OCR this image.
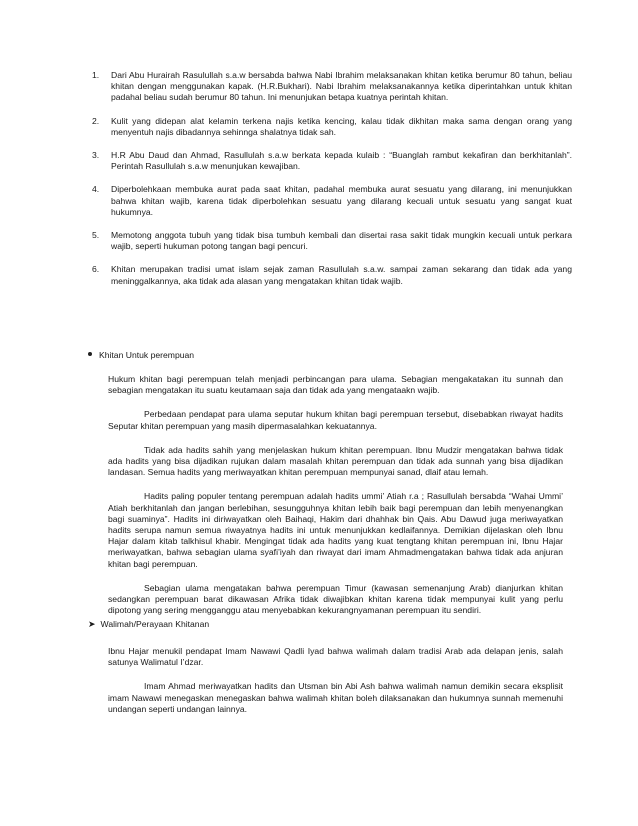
1. Dari Abu Hurairah Rasulullah s.a.w bersabda bahwa Nabi Ibrahim melaksanakan khitan ketika berumur 80 tahun, beliau khitan dengan menggunakan kapak. (H.R.Bukhari). Nabi Ibrahim melaksanakannya ketika diperintahkan untuk khitan padahal beliau sudah berumur 80 tahun. Ini menunjukan betapa kuatnya perintah khitan.
2. Kulit yang didepan alat kelamin terkena najis ketika kencing, kalau tidak dikhitan maka sama dengan orang yang menyentuh najis dibadannya sehinnga shalatnya tidak sah.
3. H.R Abu Daud dan Ahmad, Rasullulah s.a.w berkata kepada kulaib : “Buanglah rambut kekafiran dan berkhitanlah”. Perintah Rasullulah s.a.w menunjukan kewajiban.
4. Diperbolehkaan membuka aurat pada saat khitan, padahal membuka aurat sesuatu yang dilarang, ini menunjukkan bahwa khitan wajib, karena tidak diperbolehkan sesuatu yang dilarang kecuali untuk sesuatu yang sangat kuat hukumnya.
5. Memotong anggota tubuh yang tidak bisa tumbuh kembali dan disertai rasa sakit tidak mungkin kecuali untuk perkara wajib, seperti hukuman potong tangan bagi pencuri.
6. Khitan merupakan tradisi umat islam sejak zaman Rasullulah s.a.w. sampai zaman sekarang dan tidak ada yang meninggalkannya, aka tidak ada alasan yang mengatakan khitan tidak wajib.
Khitan Untuk perempuan

Hukum khitan bagi perempuan telah menjadi perbincangan para ulama. Sebagian mengakatakan itu sunnah dan sebagian mengatakan itu suatu keutamaan saja dan tidak ada yang mengataakn wajib.

Perbedaan pendapat para ulama seputar hukum khitan bagi perempuan tersebut, disebabkan riwayat hadits Seputar khitan perempuan yang masih dipermasalahkan kekuatannya.

Tidak ada hadits sahih yang menjelaskan hukum khitan perempuan. Ibnu Mudzir mengatakan bahwa tidak ada hadits yang bisa dijadikan rujukan dalam masalah khitan perempuan dan tidak ada sunnah yang bisa dijadikan landasan. Semua hadits yang meriwayatkan khitan perempuan mempunyai sanad, dlaif atau lemah.

Hadits paling populer tentang perempuan adalah hadits ummi’ Atiah r.a ; Rasullulah bersabda “Wahai Ummi’ Atiah berkhitanlah dan jangan berlebihan, sesungguhnya khitan lebih baik bagi perempuan dan lebih menyenangkan bagi suaminya”. Hadits ini diriwayatkan oleh Baihaqi, Hakim dari dhahhak bin Qais. Abu Dawud juga meriwayatkan hadits serupa namun semua riwayatnya hadits ini untuk menunjukkan kedlaifannya. Demikian dijelaskan oleh Ibnu Hajar dalam kitab talkhisul khabir. Mengingat tidak ada hadits yang kuat tengtang khitan perempuan ini, Ibnu Hajar meriwayatkan, bahwa sebagian ulama syafi’iyah dan riwayat dari imam Ahmadmengatakan bahwa tidak ada anjuran khitan bagi perempuan.

Sebagian ulama mengatakan bahwa perempuan Timur (kawasan semenanjung Arab) dianjurkan khitan sedangkan perempuan barat dikawasan Afrika tidak diwajibkan khitan karena tidak mempunyai kulit yang perlu dipotong yang sering mengganggu atau menyebabkan kekurangnyamanan perempuan itu sendiri.

➤ Walimah/Perayaan Khitanan

Ibnu Hajar menukil pendapat Imam Nawawi Qadli Iyad bahwa walimah dalam tradisi Arab ada delapan jenis, salah satunya Walimatul I’dzar.

Imam Ahmad meriwayatkan hadits dan Utsman bin Abi Ash bahwa walimah namun demikin secara eksplisit imam Nawawi menegaskan menegaskan bahwa walimah khitan boleh dilaksanakan dan hukumnya sunnah memenuhi undangan seperti undangan lainnya.
